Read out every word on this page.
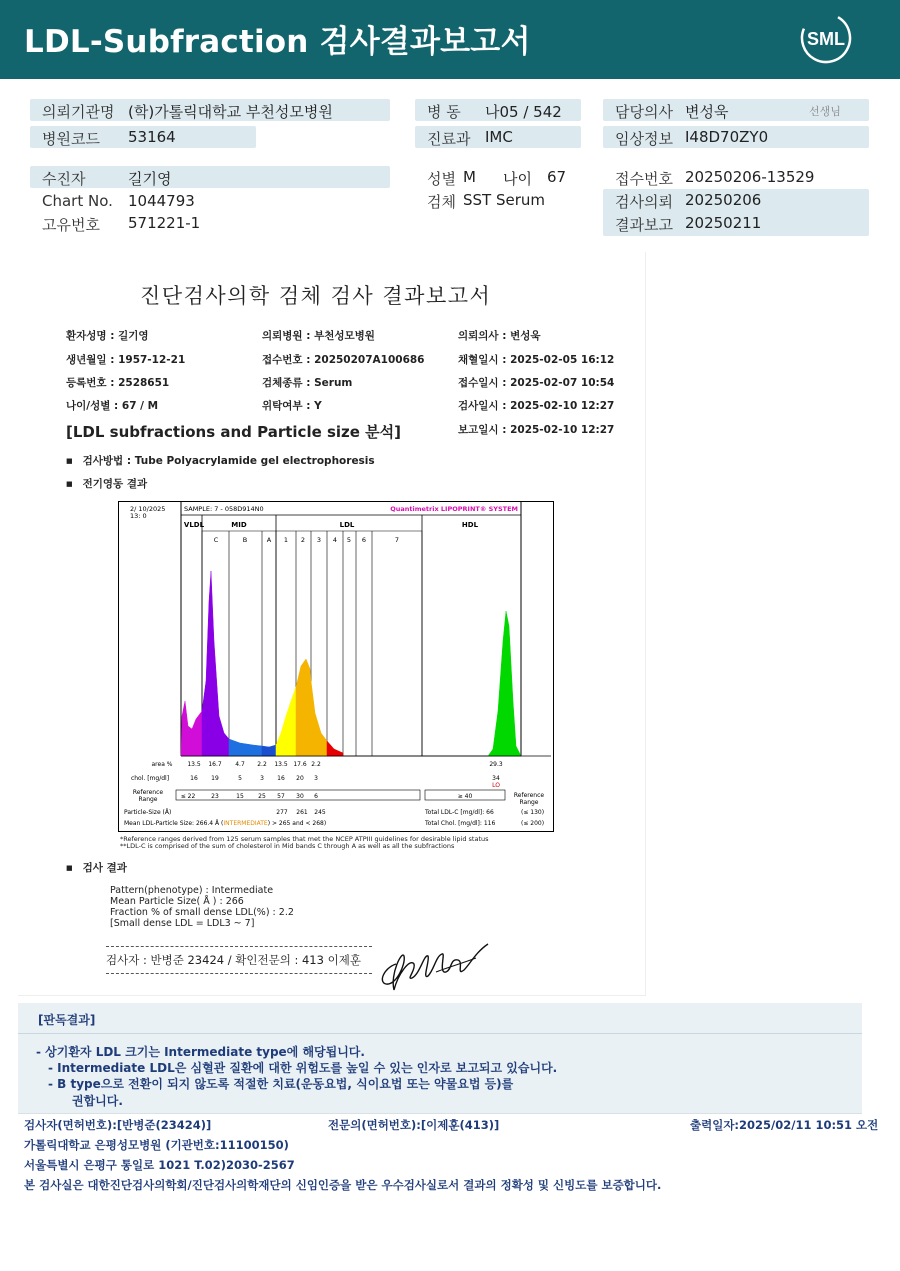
LDL-Subfraction 검사결과보고서	SML
의뢰기관명 (학)가톨릭대학교 부천성모병원	병 동 나05 / 542	담당의사 변성욱	선생님
병원코드 53164	진료과 IMC	임상정보 I48D70ZY0
수진자	길기영	성별 M 나이 67	접수번호 20250206-13529
Chart No. 1044793	검체 SST Serum	검사의뢰 20250206
결과보고 20250211
고유번호 571221-1
진단검사의학 검체 검사 결과보고서
환자성명 : 길기영	의뢰병원 : 부천성모병원	의뢰의사 : 변성욱
생년월일 : 1957-12-21	접수번호 : 20250207A100686	채혈일시 : 2025-02-05 16:12
등록번호 : 2528651	검체종류 : Serum	접수일시 : 2025-02-07 10:54
나이/성별 : 67 / M	위탁여부 : Y	검사일시 : 2025-02-10 12:27
보고일시 : 2025-02-10 12:27
[LDL subfractions and Particle size 분석]
■ 검사방법 : Tube Polyacrylamide gel electrophoresis
■ 전기영동 결과
2/ 10/2025 13: 0
SAMPLE: 7 - 058D914N0	Quantimetrix LIPOPRINT® SYSTEM
VLDL	MID	LDL	HDL
C	B	A 1 2 3 4 5 6	7
area % 13.5 16.7 4.7 2.2 13.5 17.6 2.2	29.3
chol. [mg/dl]	16 19	5	3 16 20 3	34
LO
Reference Range	≤ 22	23	15 25 57 30 6	≥ 40	Reference Range
Particle-Size (Å)	277 261 245
Mean LDL-Particle Size: 266.4 Å (INTERMEDIATE) > 265 and < 268)
Total LDL-C [mg/dl]: 66	(≤ 130)
Total Chol. [mg/dl]: 116	(≤ 200)
*Reference ranges derived from 125 serum samples that met the NCEP ATPIII guidelines for desirable lipid status
**LDL-C is comprised of the sum of cholesterol in Mid bands C through A as well as all the subfractions
■ 검사 결과
Pattern(phenotype) : Intermediate
Mean Particle Size( Å ) : 266
Fraction % of small dense LDL(%) : 2.2
[Small dense LDL = LDL3 ~ 7]
검사자 : 반병준 23424 / 확인전문의 : 413 이제훈
[판독결과]
- 상기환자 LDL 크기는 Intermediate type에 해당됩니다.
- Intermediate LDL은 심혈관 질환에 대한 위험도를 높일 수 있는 인자로 보고되고 있습니다.
- B type으로 전환이 되지 않도록 적절한 치료(운동요법, 식이요법 또는 약물요법 등)를
권합니다.
검사자(면허번호):[반병준(23424)]	전문의(면허번호):[이제훈(413)]	출력일자:2025/02/11 10:51 오전
가톨릭대학교 은평성모병원 (기관번호:11100150)
서울특별시 은평구 통일로 1021 T.02)2030-2567
본 검사실은 대한진단검사의학회/진단검사의학재단의 신임인증을 받은 우수검사실로서 결과의 정확성 및 신빙도를 보증합니다.
